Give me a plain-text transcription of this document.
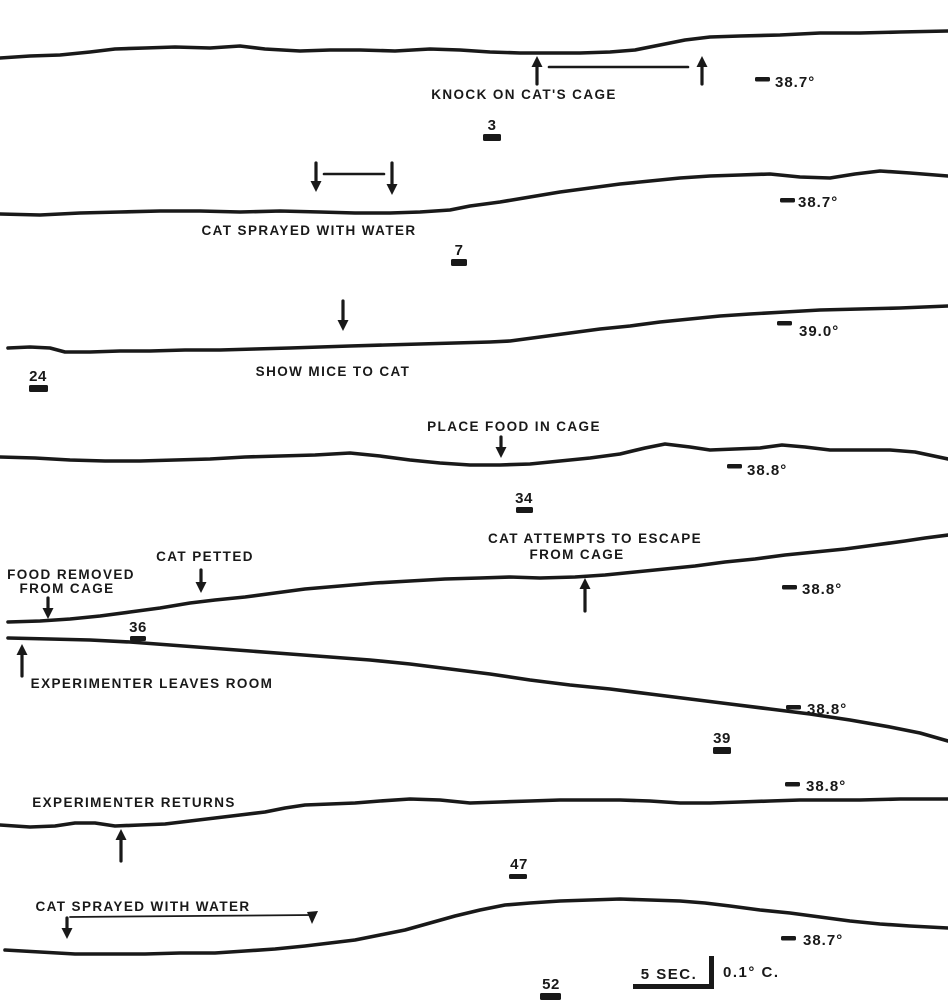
38.7°
3
38.7°
7
39.0°
24
38.8°
34
38.8°
36
38.8°
39
38.8°
47
38.7°
52
KNOCK ON CAT'S CAGE
CAT SPRAYED WITH WATER
SHOW MICE TO CAT
PLACE FOOD IN CAGE
FOOD REMOVED
FROM CAGE
CAT PETTED
CAT ATTEMPTS TO ESCAPE
FROM CAGE
EXPERIMENTER LEAVES ROOM
EXPERIMENTER RETURNS
CAT SPRAYED WITH WATER
5 SEC. 0.1° C.
